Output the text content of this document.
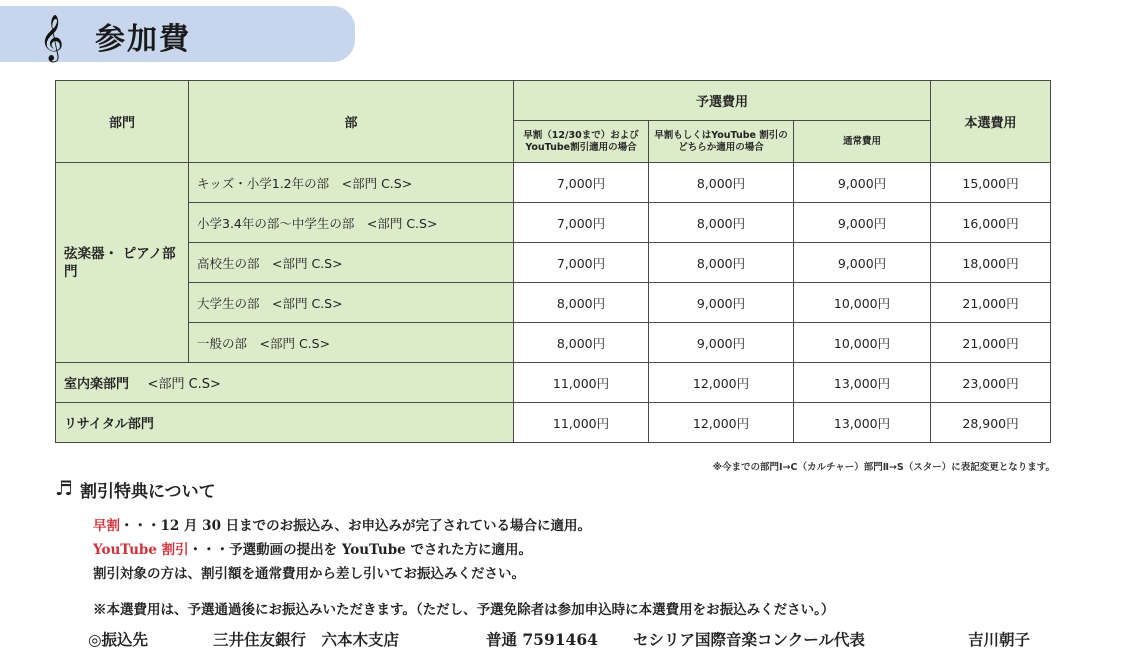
𝄞 参加費
部門	部	予選費用			本選費用
		早割（12/30まで）および YouTube割引適用の場合	早割もしくはYouTube 割引のどちらか適用の場合	通常費用	
弦楽器・ ピアノ部門	キッズ・小学1.2年の部　<部門 C.S>	7,000円	8,000円	9,000円	15,000円
	小学3.4年の部～中学生の部　<部門 C.S>	7,000円	8,000円	9,000円	16,000円
	高校生の部　<部門 C.S>	7,000円	8,000円	9,000円	18,000円
	大学生の部　<部門 C.S>	8,000円	9,000円	10,000円	21,000円
	一般の部　<部門 C.S>	8,000円	9,000円	10,000円	21,000円
室内楽部門 <部門 C.S>		11,000円	12,000円	13,000円	23,000円
リサイタル部門		11,000円	12,000円	13,000円	28,900円
※今までの部門Ⅰ→C（カルチャー）部門Ⅱ→S（スター）に表記変更となります。
♬ 割引特典について
早割・・・12 月 30 日までのお振込み、お申込みが完了されている場合に適用。
YouTube 割引・・・予選動画の提出を YouTube でされた方に適用。
割引対象の方は、割引額を通常費用から差し引いてお振込みください。
※本選費用は、予選通過後にお振込みいただきます。（ただし、予選免除者は参加申込時に本選費用をお振込みください。）
◎振込先	三井住友銀行　六本木支店	普通 7591464 セシリア国際音楽コンクール代表	吉川朝子
